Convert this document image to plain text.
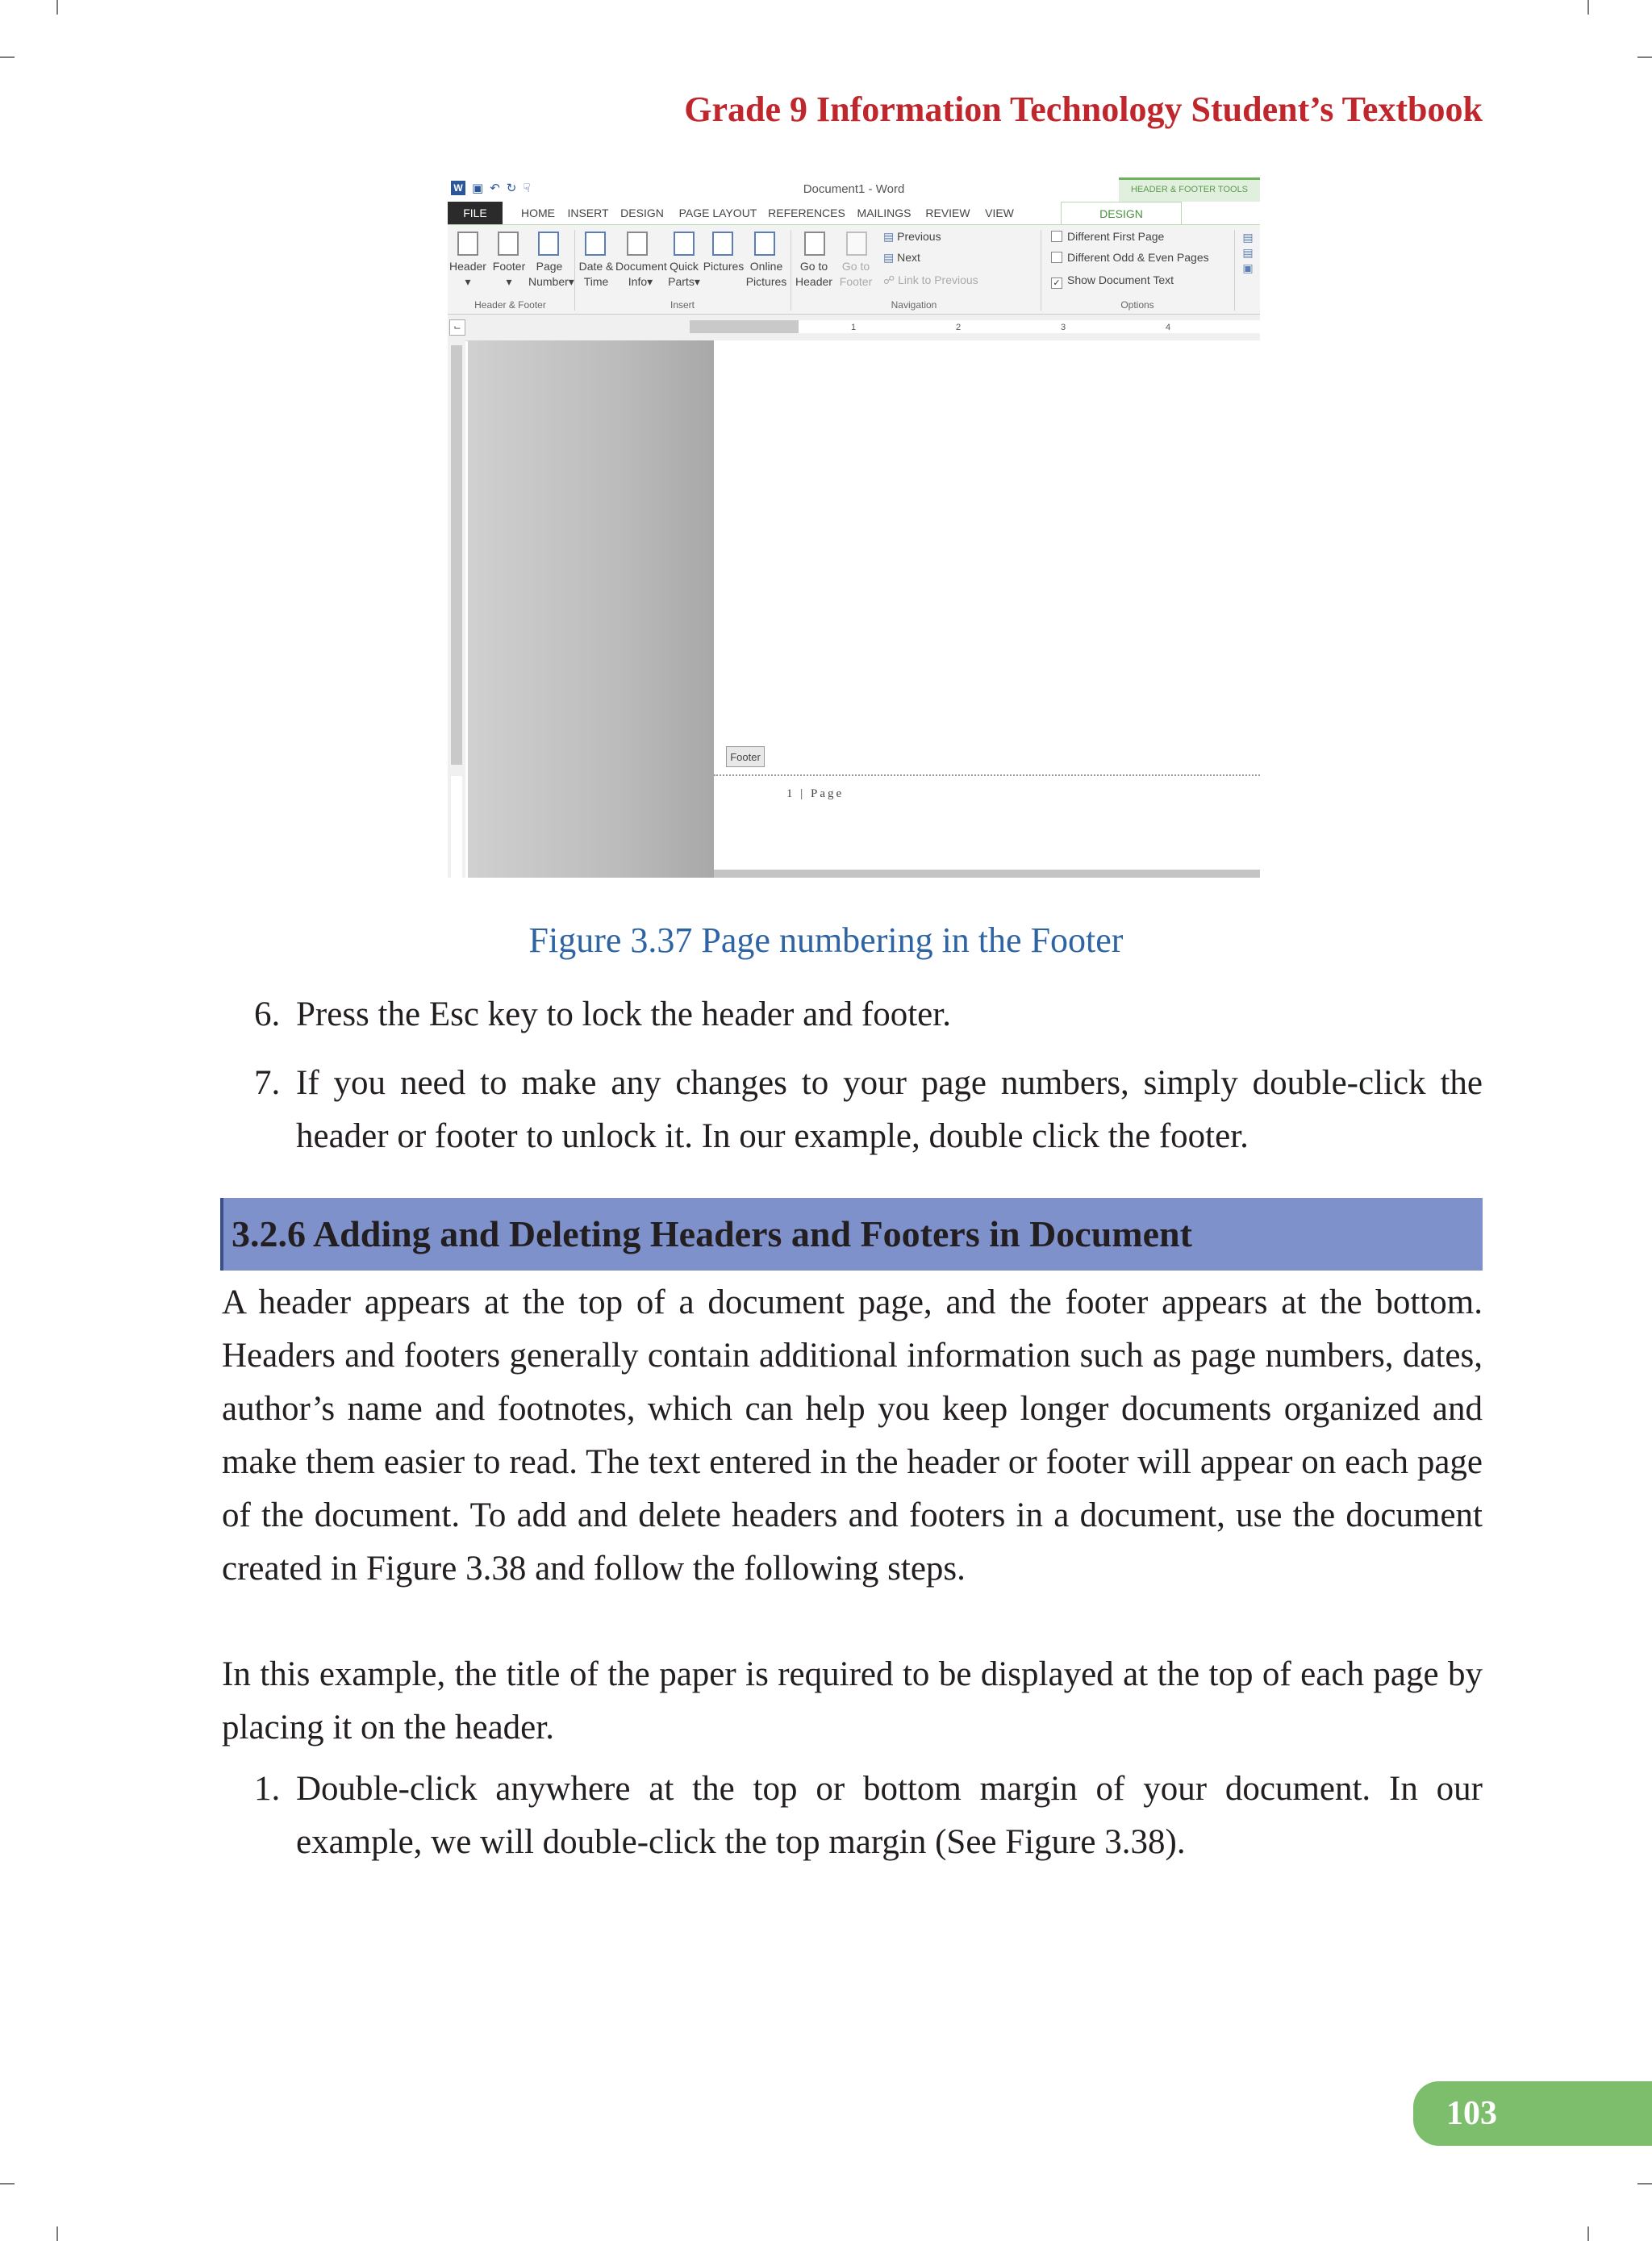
Grade 9 Information Technology Student’s Textbook
W ▣ ↶ ↻ ☟	Document1 - Word	HEADER & FOOTER TOOLS
FILE	HOME	INSERT	DESIGN	PAGE LAYOUT REFERENCES	MAILINGS	REVIEW	VIEW	DESIGN
Header
▾
Footer
▾
Page
Number▾
Header & Footer
Date &
Time
Document
Info▾
Quick
Parts▾
Pictures Online
Pictures
Insert
Go to
Header
Go to
Footer
▤ Previous
▤ Next
☍ Link to Previous
Navigation
Different First Page
Different Odd & Even Pages
✓ Show Document Text
Options
▤
▤
▣
⌙	1	2	3	4
Footer
1 | Page
Figure 3.37 Page numbering in the Footer

6. Press the Esc key to lock the header and footer.

7. If you need to make any changes to your page numbers, simply double-click the header or footer to unlock it. In our example, double click the footer.

3.2.6 Adding and Deleting Headers and Footers in Document

A header appears at the top of a document page, and the footer appears at the bottom. Headers and footers generally contain additional information such as page numbers, dates, author’s name and footnotes, which can help you keep longer documents organized and make them easier to read. The text entered in the header or footer will appear on each page of the document. To add and delete headers and footers in a document, use the document created in Figure 3.38 and follow the following steps.

In this example, the title of the paper is required to be displayed at the top of each page by placing it on the header.

1. Double-click anywhere at the top or bottom margin of your document. In our example, we will double-click the top margin (See Figure 3.38).

103
